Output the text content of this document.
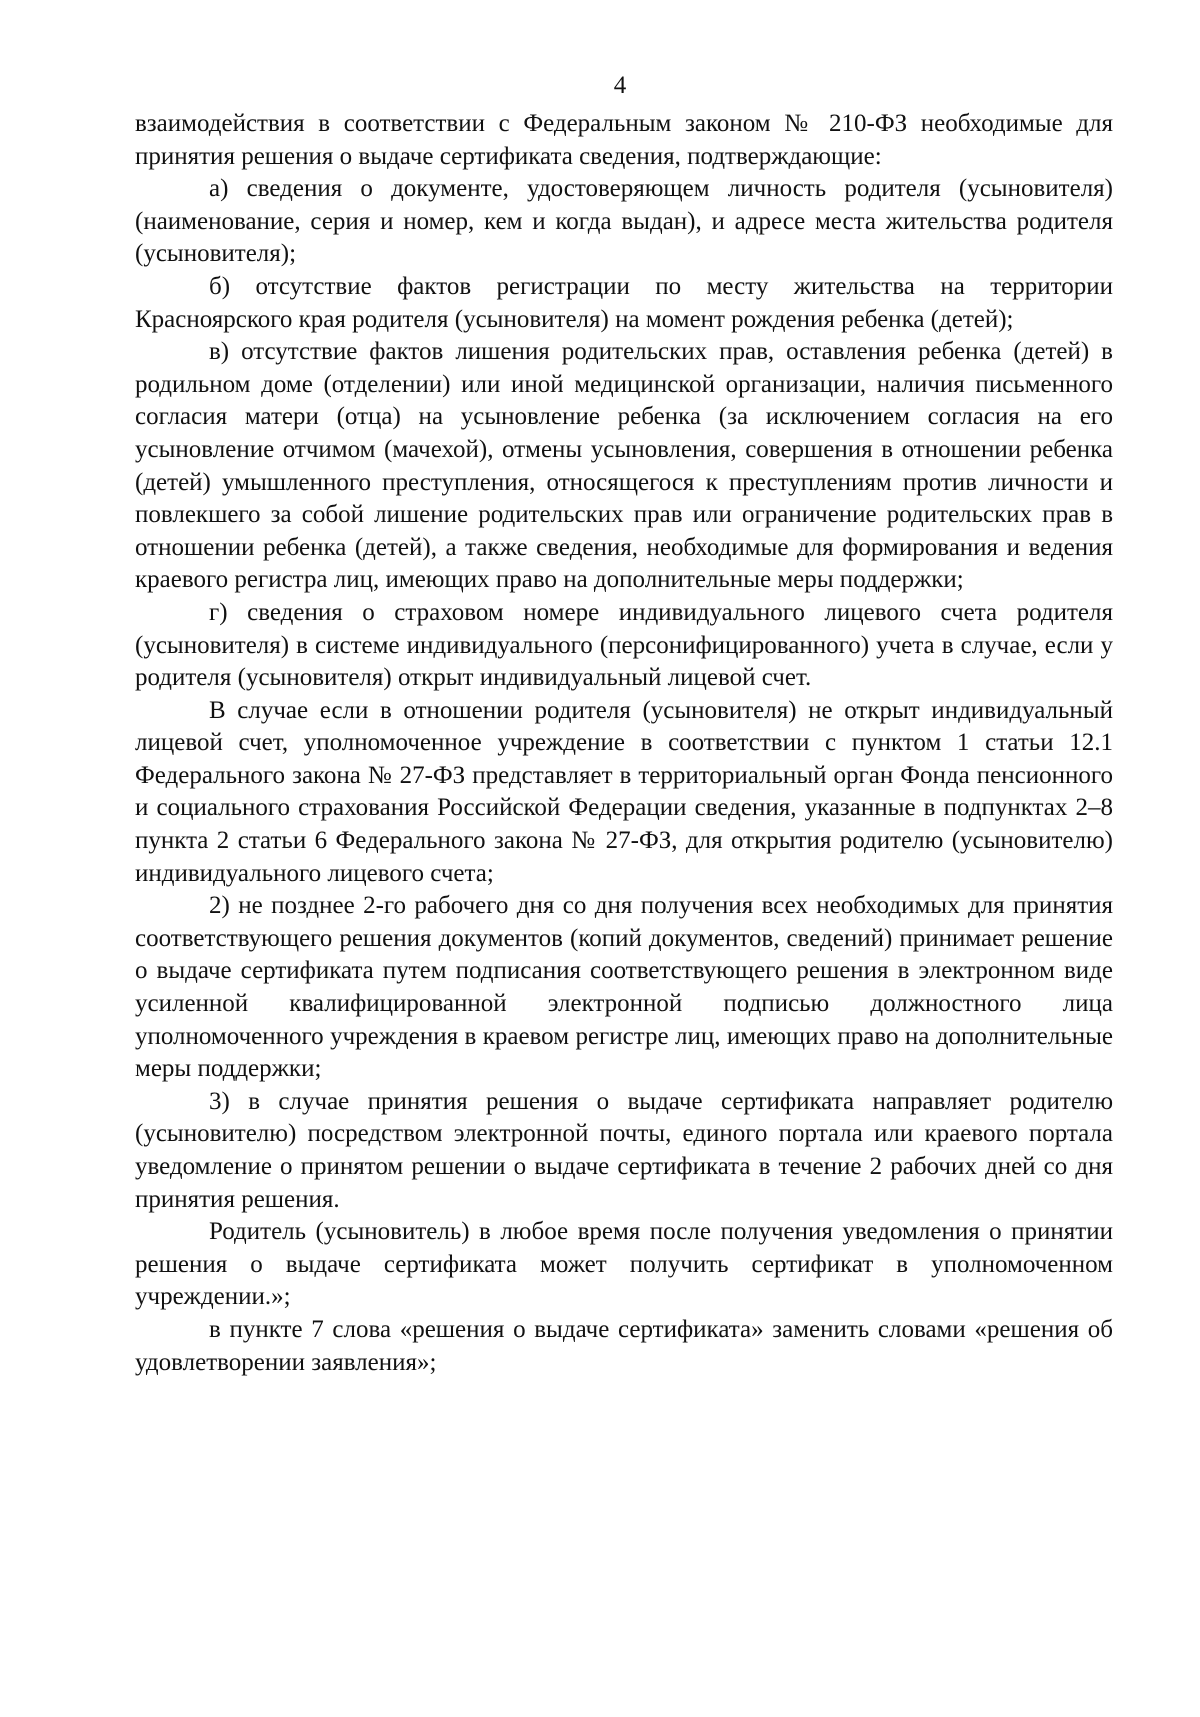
4

взаимодействия в соответствии с Федеральным законом № 210-ФЗ необходимые для принятия решения о выдаче сертификата сведения, подтверждающие:

а) сведения о документе, удостоверяющем личность родителя (усыновителя) (наименование, серия и номер, кем и когда выдан), и адресе места жительства родителя (усыновителя);

б) отсутствие фактов регистрации по месту жительства на территории Красноярского края родителя (усыновителя) на момент рождения ребенка (детей);

в) отсутствие фактов лишения родительских прав, оставления ребенка (детей) в родильном доме (отделении) или иной медицинской организации, наличия письменного согласия матери (отца) на усыновление ребенка (за исключением согласия на его усыновление отчимом (мачехой), отмены усыновления, совершения в отношении ребенка (детей) умышленного преступления, относящегося к преступлениям против личности и повлекшего за собой лишение родительских прав или ограничение родительских прав в отношении ребенка (детей), а также сведения, необходимые для формирования и ведения краевого регистра лиц, имеющих право на дополнительные меры поддержки;

г) сведения о страховом номере индивидуального лицевого счета родителя (усыновителя) в системе индивидуального (персонифицированного) учета в случае, если у родителя (усыновителя) открыт индивидуальный лицевой счет.

В случае если в отношении родителя (усыновителя) не открыт индивидуальный лицевой счет, уполномоченное учреждение в соответствии с пунктом 1 статьи 12.1 Федерального закона № 27-ФЗ представляет в территориальный орган Фонда пенсионного и социального страхования Российской Федерации сведения, указанные в подпунктах 2–8 пункта 2 статьи 6 Федерального закона № 27-ФЗ, для открытия родителю (усыновителю) индивидуального лицевого счета;

2) не позднее 2-го рабочего дня со дня получения всех необходимых для принятия соответствующего решения документов (копий документов, сведений) принимает решение о выдаче сертификата путем подписания соответствующего решения в электронном виде усиленной квалифицированной электронной подписью должностного лица уполномоченного учреждения в краевом регистре лиц, имеющих право на дополнительные меры поддержки;

3) в случае принятия решения о выдаче сертификата направляет родителю (усыновителю) посредством электронной почты, единого портала или краевого портала уведомление о принятом решении о выдаче сертификата в течение 2 рабочих дней со дня принятия решения.

Родитель (усыновитель) в любое время после получения уведомления о принятии решения о выдаче сертификата может получить сертификат в уполномоченном учреждении.»;

в пункте 7 слова «решения о выдаче сертификата» заменить словами «решения об удовлетворении заявления»;
